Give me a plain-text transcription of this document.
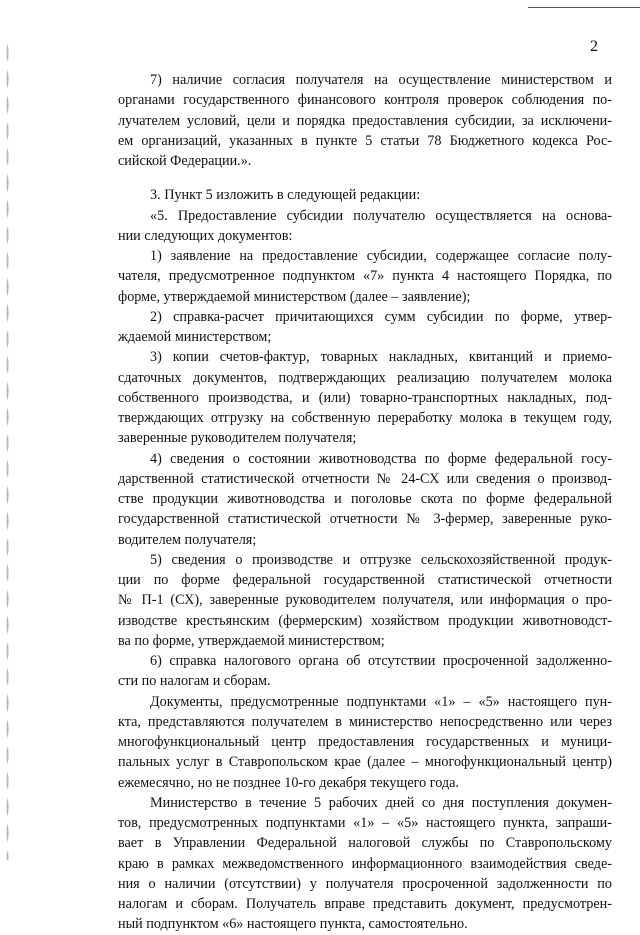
2
7) наличие согласия получателя на осуществление министерством и
органами государственного финансового контроля проверок соблюдения по-
лучателем условий, цели и порядка предоставления субсидии, за исключени-
ем организаций, указанных в пункте 5 статьи 78 Бюджетного кодекса Рос-
сийской Федерации.».
3. Пункт 5 изложить в следующей редакции:
«5. Предоставление субсидии получателю осуществляется на основа-
нии следующих документов:
1) заявление на предоставление субсидии, содержащее согласие полу-
чателя, предусмотренное подпунктом «7» пункта 4 настоящего Порядка, по
форме, утверждаемой министерством (далее – заявление);
2) справка-расчет причитающихся сумм субсидии по форме, утвер-
ждаемой министерством;
3) копии счетов-фактур, товарных накладных, квитанций и приемо-
сдаточных документов, подтверждающих реализацию получателем молока
собственного производства, и (или) товарно-транспортных накладных, под-
тверждающих отгрузку на собственную переработку молока в текущем году,
заверенные руководителем получателя;
4) сведения о состоянии животноводства по форме федеральной госу-
дарственной статистической отчетности № 24-СХ или сведения о производ-
стве продукции животноводства и поголовье скота по форме федеральной
государственной статистической отчетности № 3-фермер, заверенные руко-
водителем получателя;
5) сведения о производстве и отгрузке сельскохозяйственной продук-
ции по форме федеральной государственной статистической отчетности
№ П-1 (СХ), заверенные руководителем получателя, или информация о про-
изводстве крестьянским (фермерским) хозяйством продукции животноводст-
ва по форме, утверждаемой министерством;
6) справка налогового органа об отсутствии просроченной задолженно-
сти по налогам и сборам.
Документы, предусмотренные подпунктами «1» – «5» настоящего пун-
кта, представляются получателем в министерство непосредственно или через
многофункциональный центр предоставления государственных и муници-
пальных услуг в Ставропольском крае (далее – многофункциональный центр)
ежемесячно, но не позднее 10-го декабря текущего года.
Министерство в течение 5 рабочих дней со дня поступления докумен-
тов, предусмотренных подпунктами «1» – «5» настоящего пункта, запраши-
вает в Управлении Федеральной налоговой службы по Ставропольскому
краю в рамках межведомственного информационного взаимодействия сведе-
ния о наличии (отсутствии) у получателя просроченной задолженности по
налогам и сборам. Получатель вправе представить документ, предусмотрен-
ный подпунктом «6» настоящего пункта, самостоятельно.
